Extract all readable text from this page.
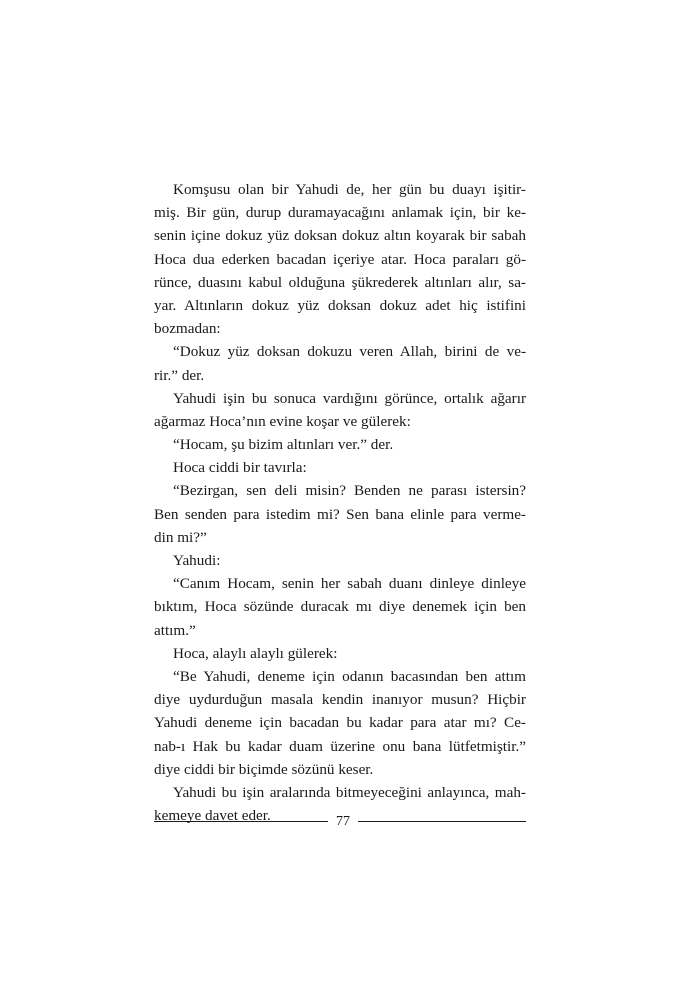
Komşusu olan bir Yahudi de, her gün bu duayı işitir-
miş. Bir gün, durup duramayacağını anlamak için, bir ke-
senin içine dokuz yüz doksan dokuz altın koyarak bir sabah
Hoca dua ederken bacadan içeriye atar. Hoca paraları gö-
rünce, duasını kabul olduğuna şükrederek altınları alır, sa-
yar. Altınların dokuz yüz doksan dokuz adet hiç istifini
bozmadan:
“Dokuz yüz doksan dokuzu veren Allah, birini de ve-
rir.” der.
Yahudi işin bu sonuca vardığını görünce, ortalık ağarır
ağarmaz Hoca’nın evine koşar ve gülerek:
“Hocam, şu bizim altınları ver.” der.
Hoca ciddi bir tavırla:
“Bezirgan, sen deli misin? Benden ne parası istersin?
Ben senden para istedim mi? Sen bana elinle para verme-
din mi?”
Yahudi:
“Canım Hocam, senin her sabah duanı dinleye dinleye
bıktım, Hoca sözünde duracak mı diye denemek için ben
attım.”
Hoca, alaylı alaylı gülerek:
“Be Yahudi, deneme için odanın bacasından ben attım
diye uydurduğun masala kendin inanıyor musun? Hiçbir
Yahudi deneme için bacadan bu kadar para atar mı? Ce-
nab-ı Hak bu kadar duam üzerine onu bana lütfetmiştir.”
diye ciddi bir biçimde sözünü keser.
Yahudi bu işin aralarında bitmeyeceğini anlayınca, mah-
kemeye davet eder.	77
